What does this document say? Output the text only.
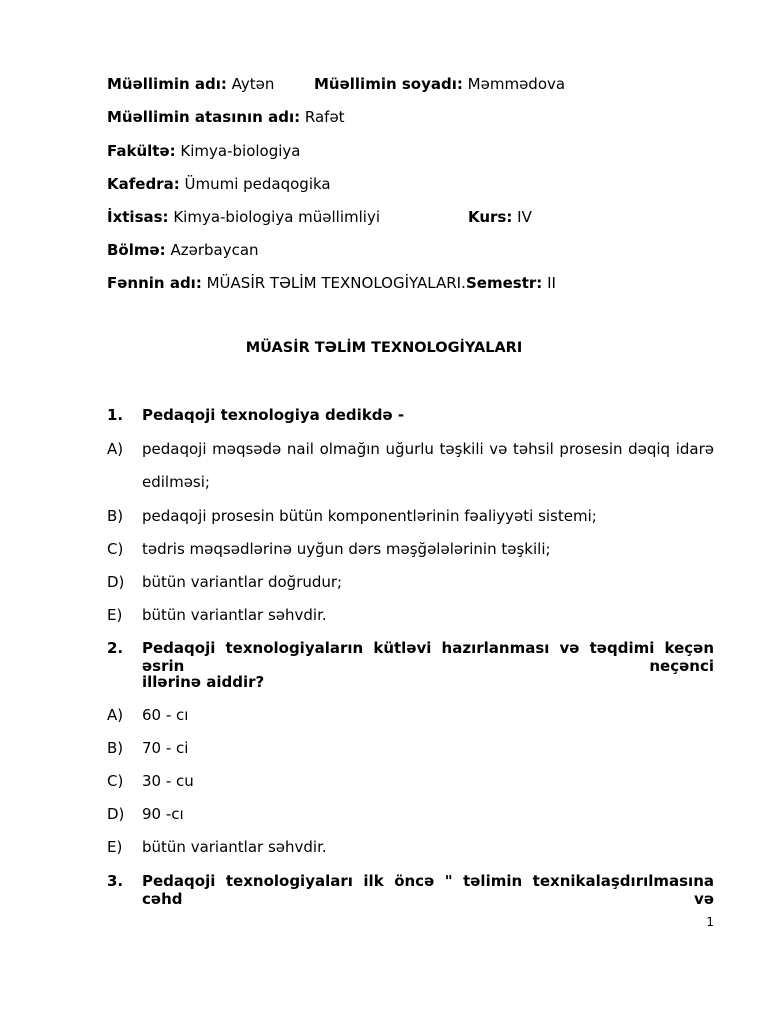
Müəllimin adı: Aytən	Müəllimin soyadı: Məmmədova
Müəllimin atasının adı: Rafət
Fakültə: Kimya-biologiya
Kafedra: Ümumi pedaqogika
İxtisas: Kimya-biologiya müəllimliyi	Kurs: IV
Bölmə: Azərbaycan
Fənnin adı: MÜASİR TƏLİM TEXNOLOGİYALARI. Semestr: II
MÜASİR TƏLİM TEXNOLOGİYALARI
1. Pedaqoji texnologiya dedikdə -
A) pedaqoji məqsədə nail olmağın uğurlu təşkili və təhsil prosesin dəqiq idarə
edilməsi;
B) pedaqoji prosesin bütün komponentlərinin fəaliyyəti sistemi;
C) tədris məqsədlərinə uyğun dərs məşğələlərinin təşkili;
D) bütün variantlar doğrudur;
E) bütün variantlar səhvdir.
2. Pedaqoji texnologiyaların kütləvi hazırlanması və təqdimi keçən əsrin neçənci
illərinə aiddir?
A) 60 - cı
B) 70 - ci
C) 30 - cu
D) 90 -cı
E) bütün variantlar səhvdir.
3. Pedaqoji texnologiyaları ilk öncə " təlimin texnikalaşdırılmasına cəhd və
1
